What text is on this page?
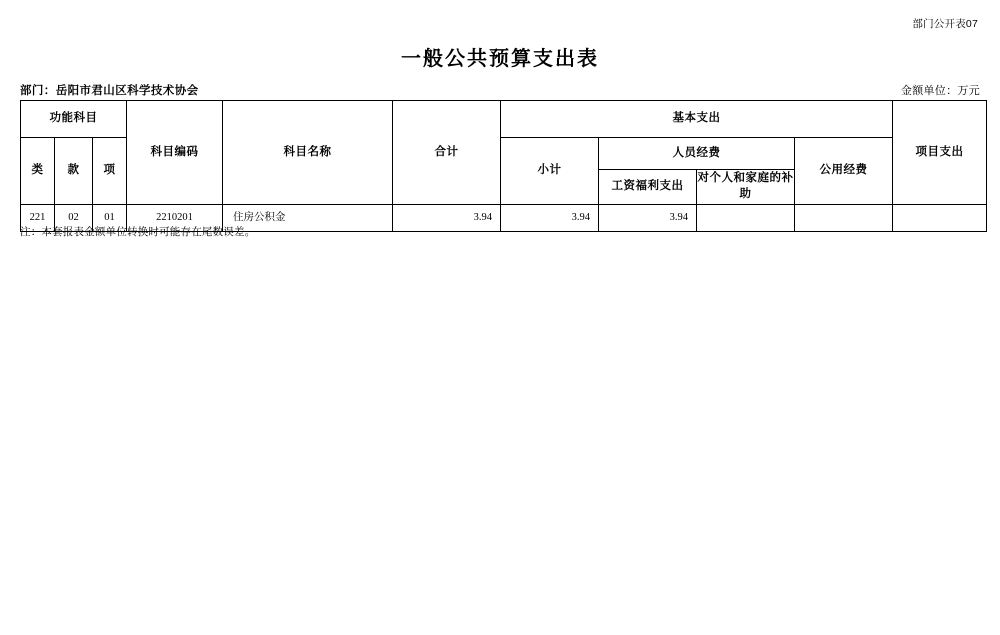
部门公开表07
一般公共预算支出表
部门：岳阳市君山区科学技术协会	金额单位：万元
功能科目			科目编码	科目名称	合计	基本支出				项目支出
类	款	项				小计	人员经费		公用经费	
							工资福利支出	对个人和家庭的补助		
221	02	01	2210201	住房公积金	3.94	3.94	3.94			
注：本套报表金额单位转换时可能存在尾数误差。
